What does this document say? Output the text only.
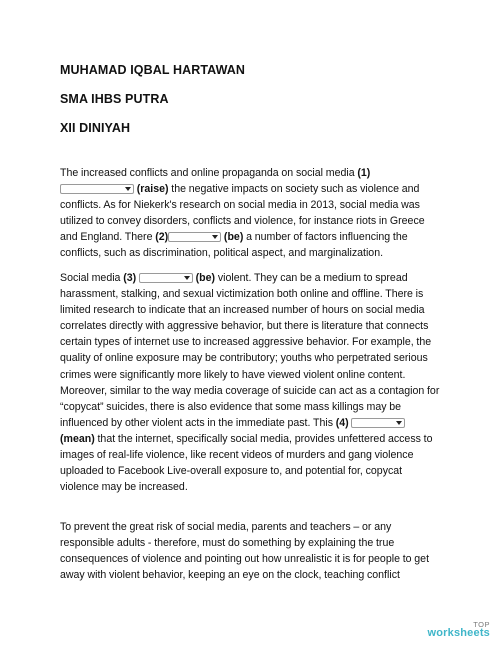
MUHAMAD IQBAL HARTAWAN
SMA IHBS PUTRA
XII DINIYAH
The increased conflicts and online propaganda on social media (1)
(raise) the negative impacts on society such as violence and conflicts. As for Niekerk's research on social media in 2013, social media was utilized to convey disorders, conflicts and violence, for instance riots in Greece and England. There (2)	(be) a number of factors influencing the conflicts, such as discrimination, political aspect, and marginalization.
Social media (3)	(be) violent. They can be a medium to spread harassment, stalking, and sexual victimization both online and offline. There is limited research to indicate that an increased number of hours on social media correlates directly with aggressive behavior, but there is literature that connects certain types of internet use to increased aggressive behavior. For example, the quality of online exposure may be contributory; youths who perpetrated serious crimes were significantly more likely to have viewed violent online content. Moreover, similar to the way media coverage of suicide can act as a contagion for “copycat” suicides, there is also evidence that some mass killings may be influenced by other violent acts in the immediate past. This (4)
(mean) that the internet, specifically social media, provides unfettered access to images of real-life violence, like recent videos of murders and gang violence uploaded to Facebook Live-overall exposure to, and potential for, copycat violence may be increased.
To prevent the great risk of social media, parents and teachers – or any responsible adults - therefore, must do something by explaining the true consequences of violence and pointing out how unrealistic it is for people to get away with violent behavior, keeping an eye on the clock, teaching conflict
TOP
worksheets
